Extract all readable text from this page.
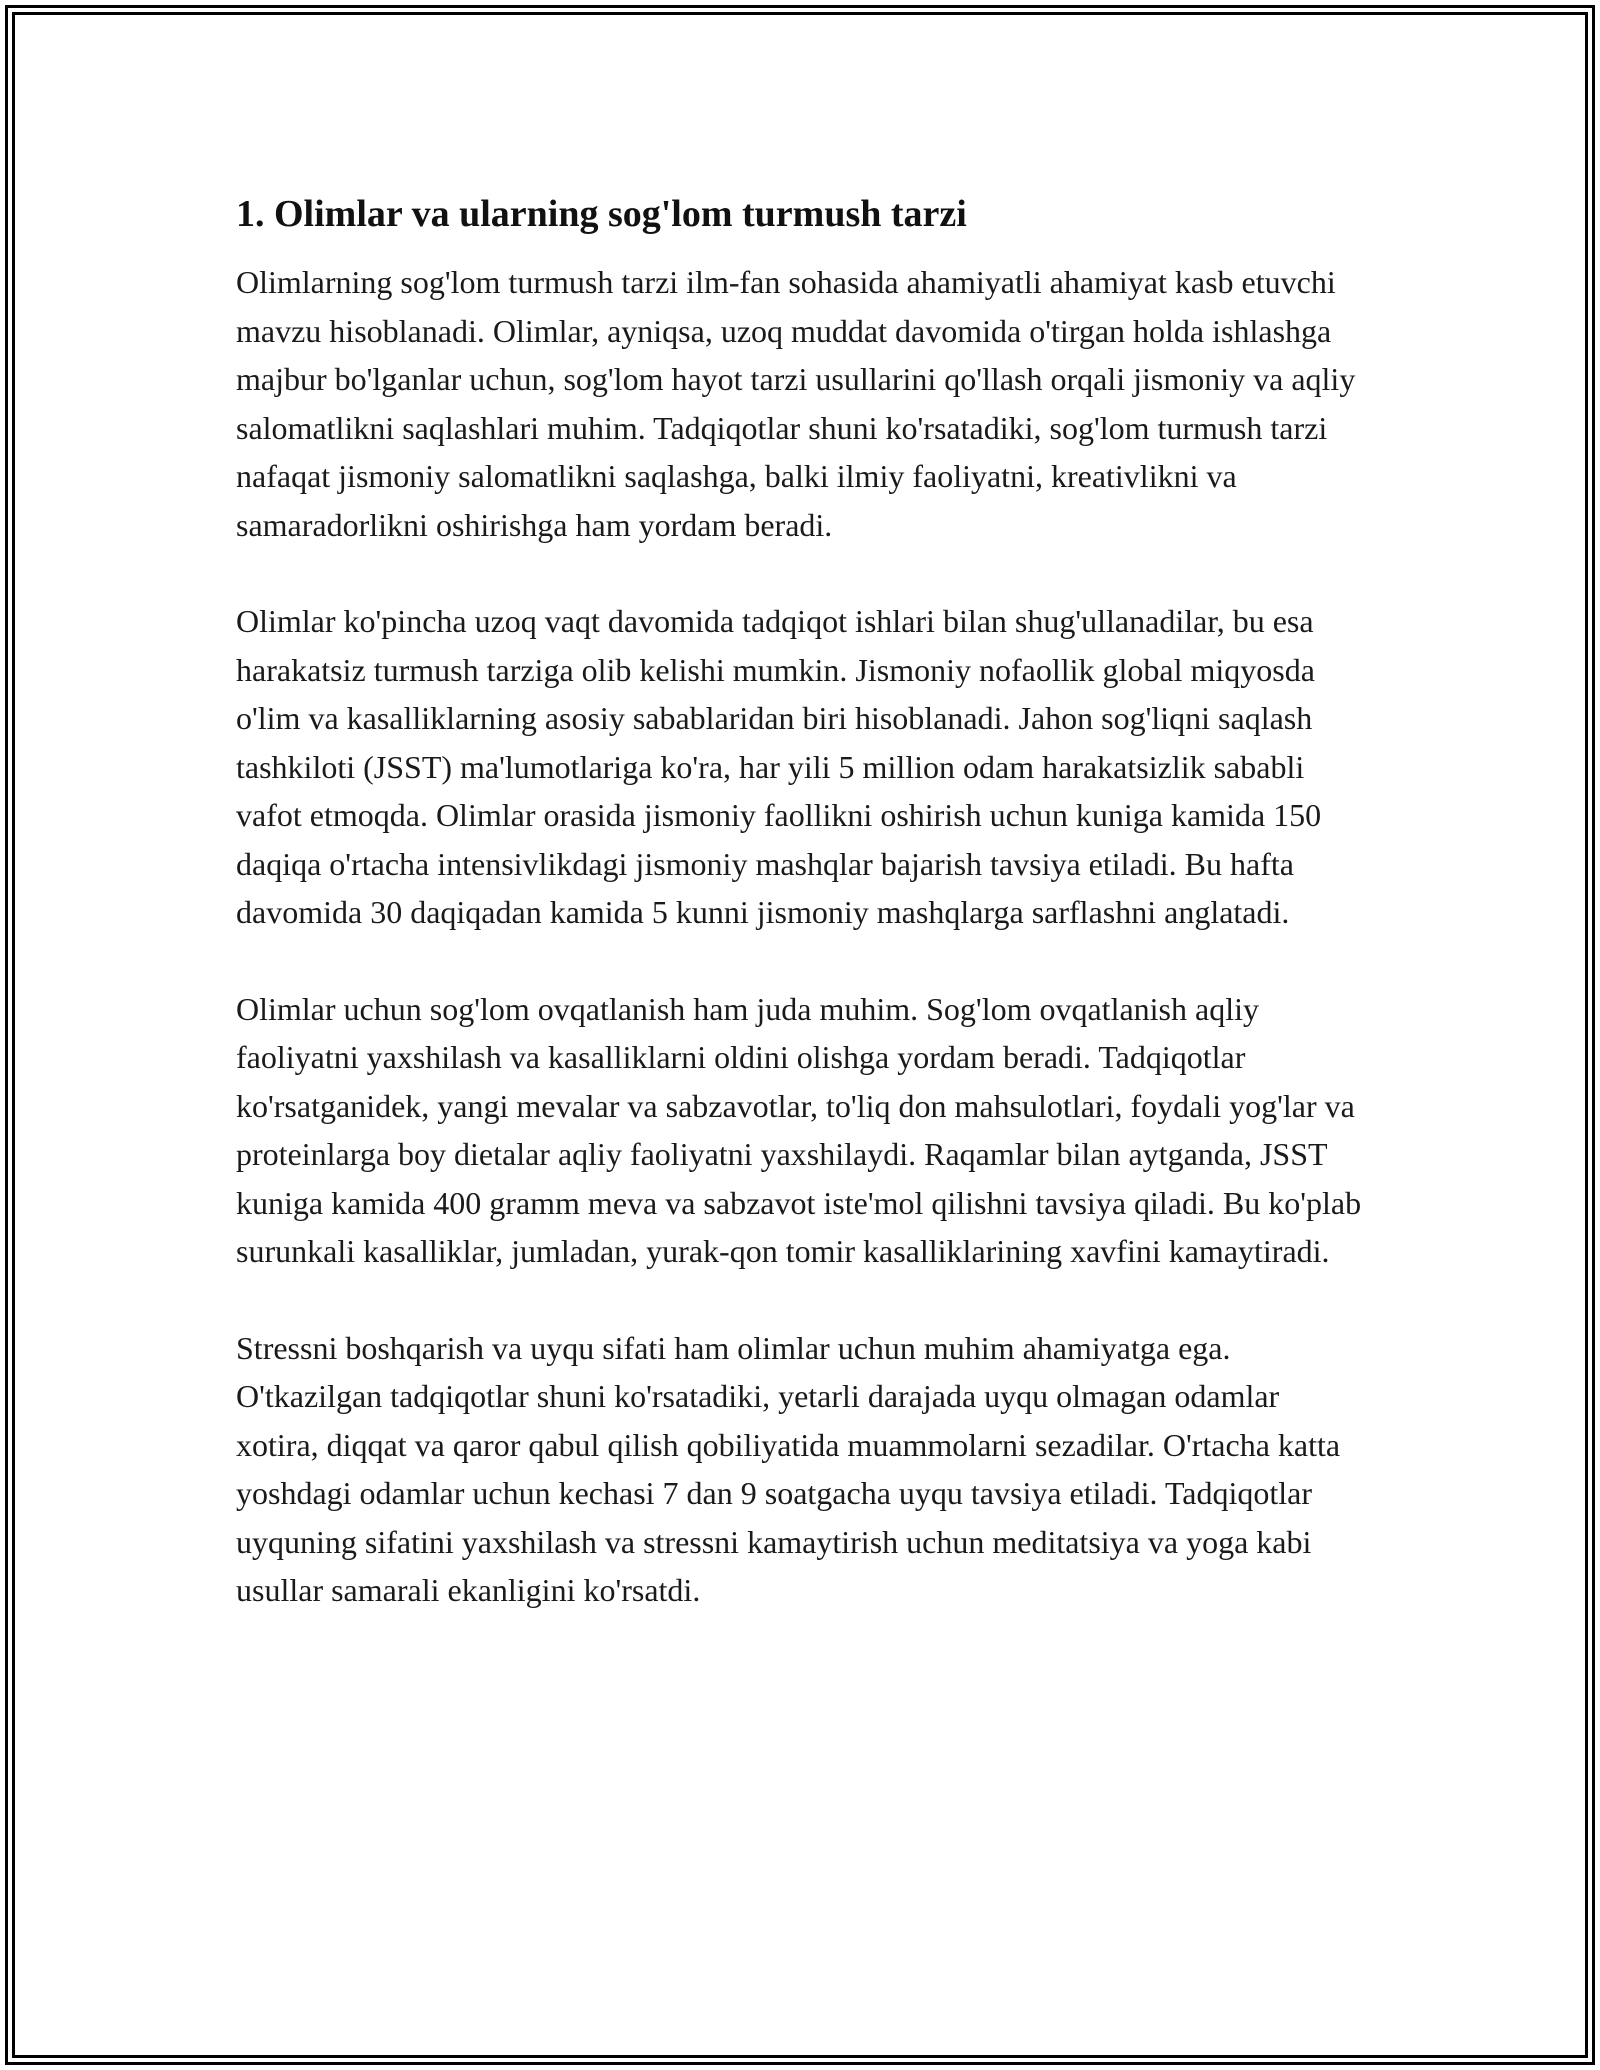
1. Olimlar va ularning sog'lom turmush tarzi

Olimlarning sog'lom turmush tarzi ilm-fan sohasida ahamiyatli ahamiyat kasb etuvchi mavzu hisoblanadi. Olimlar, ayniqsa, uzoq muddat davomida o'tirgan holda ishlashga majbur bo'lganlar uchun, sog'lom hayot tarzi usullarini qo'llash orqali jismoniy va aqliy salomatlikni saqlashlari muhim. Tadqiqotlar shuni ko'rsatadiki, sog'lom turmush tarzi nafaqat jismoniy salomatlikni saqlashga, balki ilmiy faoliyatni, kreativlikni va samaradorlikni oshirishga ham yordam beradi.

Olimlar ko'pincha uzoq vaqt davomida tadqiqot ishlari bilan shug'ullanadilar, bu esa harakatsiz turmush tarziga olib kelishi mumkin. Jismoniy nofaollik global miqyosda o'lim va kasalliklarning asosiy sabablaridan biri hisoblanadi. Jahon sog'liqni saqlash tashkiloti (JSST) ma'lumotlariga ko'ra, har yili 5 million odam harakatsizlik sababli vafot etmoqda. Olimlar orasida jismoniy faollikni oshirish uchun kuniga kamida 150 daqiqa o'rtacha intensivlikdagi jismoniy mashqlar bajarish tavsiya etiladi. Bu hafta davomida 30 daqiqadan kamida 5 kunni jismoniy mashqlarga sarflashni anglatadi.

Olimlar uchun sog'lom ovqatlanish ham juda muhim. Sog'lom ovqatlanish aqliy faoliyatni yaxshilash va kasalliklarni oldini olishga yordam beradi. Tadqiqotlar ko'rsatganidek, yangi mevalar va sabzavotlar, to'liq don mahsulotlari, foydali yog'lar va proteinlarga boy dietalar aqliy faoliyatni yaxshilaydi. Raqamlar bilan aytganda, JSST kuniga kamida 400 gramm meva va sabzavot iste'mol qilishni tavsiya qiladi. Bu ko'plab surunkali kasalliklar, jumladan, yurak-qon tomir kasalliklarining xavfini kamaytiradi.

Stressni boshqarish va uyqu sifati ham olimlar uchun muhim ahamiyatga ega. O'tkazilgan tadqiqotlar shuni ko'rsatadiki, yetarli darajada uyqu olmagan odamlar xotira, diqqat va qaror qabul qilish qobiliyatida muammolarni sezadilar. O'rtacha katta yoshdagi odamlar uchun kechasi 7 dan 9 soatgacha uyqu tavsiya etiladi. Tadqiqotlar uyquning sifatini yaxshilash va stressni kamaytirish uchun meditatsiya va yoga kabi usullar samarali ekanligini ko'rsatdi.
